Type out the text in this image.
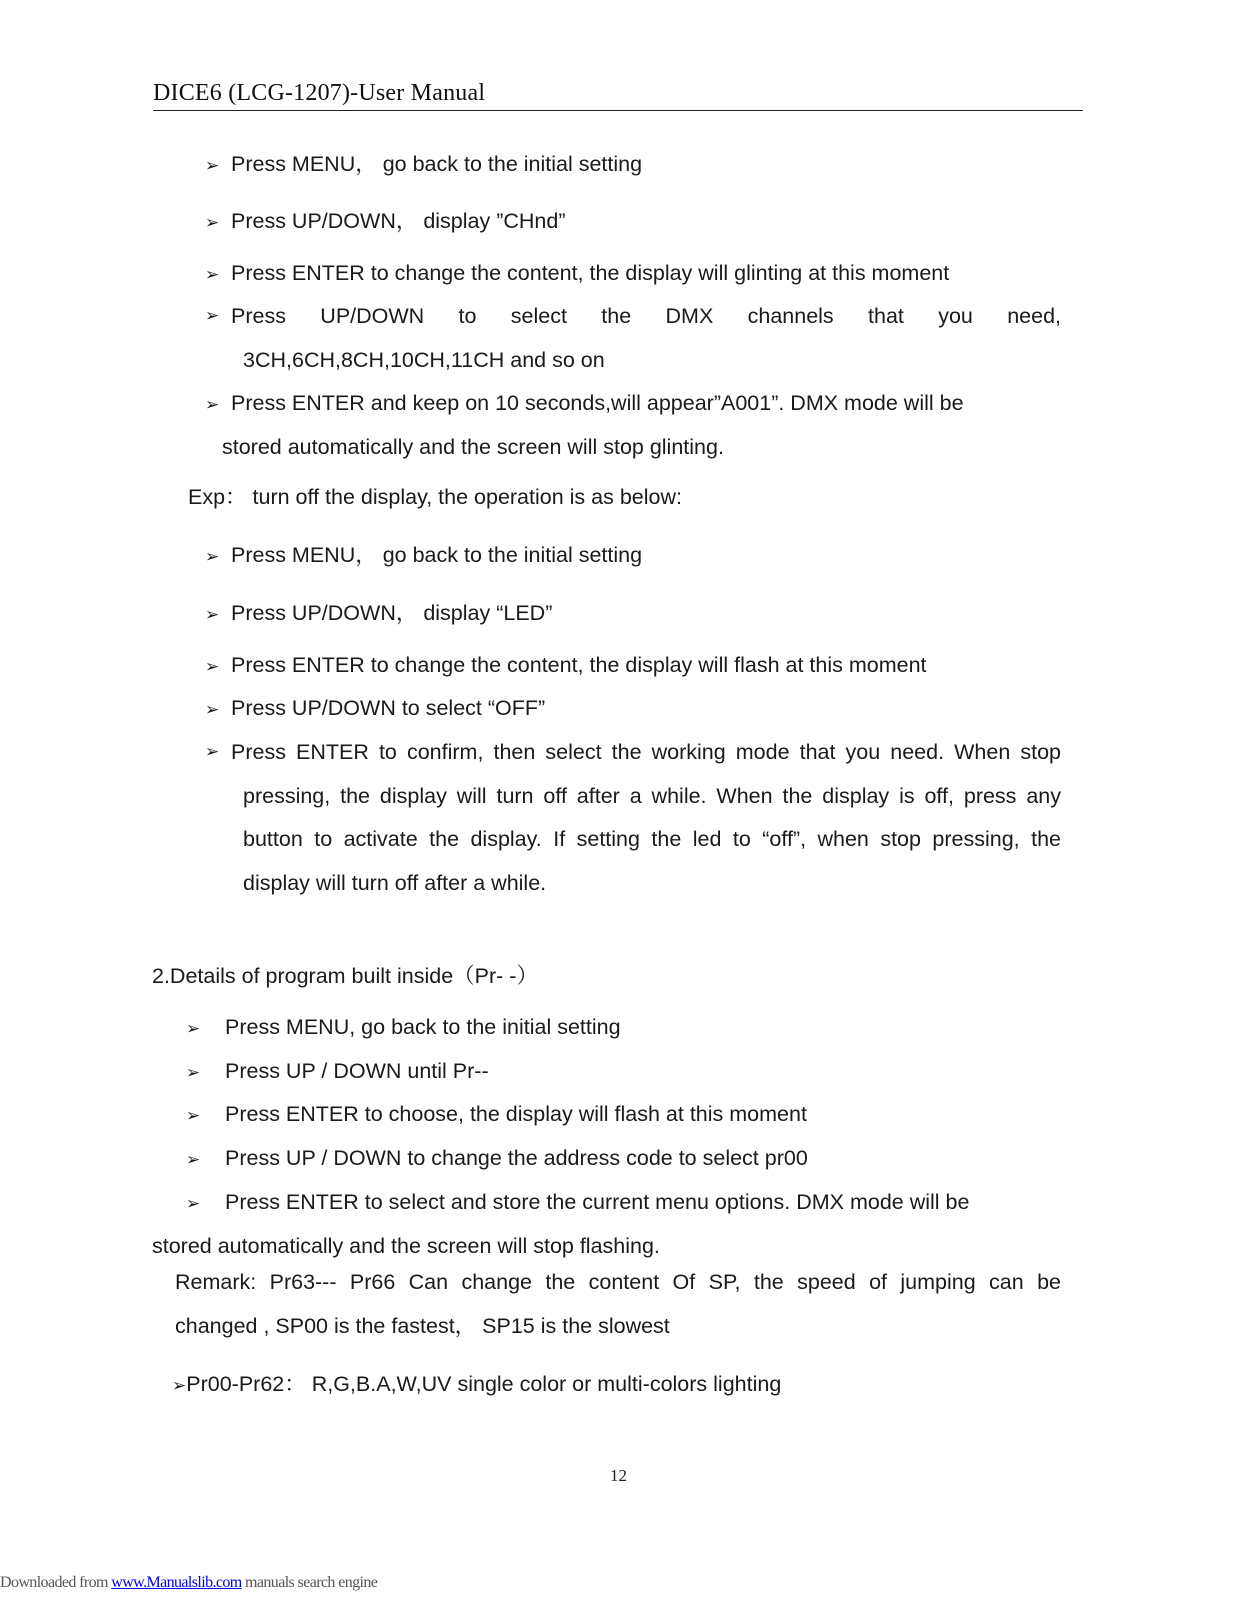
DICE6 (LCG-1207)-User Manual
➢ Press MENU， go back to the initial setting
➢ Press UP/DOWN， display ”CHnd”
➢ Press ENTER to change the content, the display will glinting at this moment
➢ Press UP/DOWN to select the DMX channels that you need,
3CH,6CH,8CH,10CH,11CH and so on
➢ Press ENTER and keep on 10 seconds,will appear”A001”. DMX mode will be
stored automatically and the screen will stop glinting.
Exp： turn off the display, the operation is as below:
➢ Press MENU， go back to the initial setting
➢ Press UP/DOWN， display “LED”
➢ Press ENTER to change the content, the display will flash at this moment
➢ Press UP/DOWN to select “OFF”
➢ Press ENTER to confirm, then select the working mode that you need. When stop
pressing, the display will turn off after a while. When the display is off, press any
button to activate the display. If setting the led to “off”, when stop pressing, the
display will turn off after a while.
2.Details of program built inside（Pr- -）
➢ Press MENU, go back to the initial setting
➢ Press UP / DOWN until Pr--
➢ Press ENTER to choose, the display will flash at this moment
➢ Press UP / DOWN to change the address code to select pr00
➢ Press ENTER to select and store the current menu options. DMX mode will be
stored automatically and the screen will stop flashing.
Remark: Pr63--- Pr66 Can change the content Of SP, the speed of jumping can be
changed , SP00 is the fastest， SP15 is the slowest
➢Pr00-Pr62： R,G,B.A,W,UV single color or multi-colors lighting
12
Downloaded from www.Manualslib.com manuals search engine
